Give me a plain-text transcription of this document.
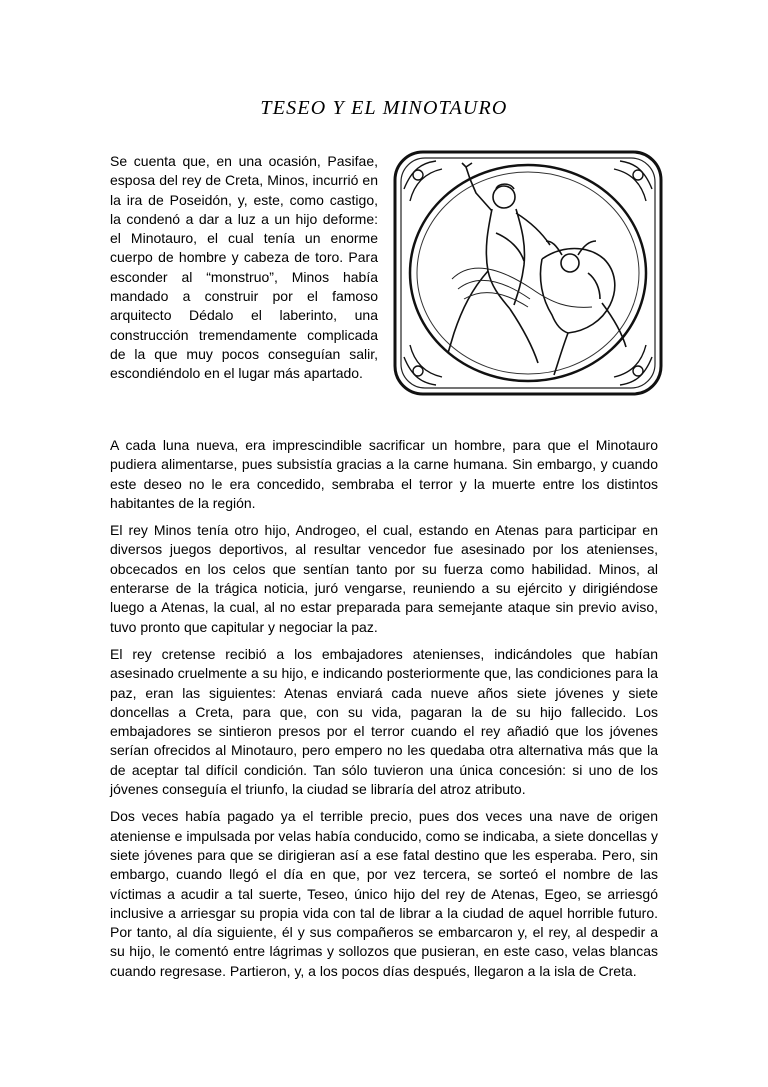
TESEO Y EL MINOTAURO

Se cuenta que, en una ocasión, Pasifae, esposa del rey de Creta, Minos, incurrió en la ira de Poseidón, y, este, como castigo, la condenó a dar a luz a un hijo deforme: el Minotauro, el cual tenía un enorme cuerpo de hombre y cabeza de toro. Para esconder al “monstruo”, Minos había mandado a construir por el famoso arquitecto Dédalo el laberinto, una construcción tremendamente complicada de la que muy pocos conseguían salir, escondiéndolo en el lugar más apartado.

A cada luna nueva, era imprescindible sacrificar un hombre, para que el Minotauro pudiera alimentarse, pues subsistía gracias a la carne humana. Sin embargo, y cuando este deseo no le era concedido, sembraba el terror y la muerte entre los distintos habitantes de la región.

El rey Minos tenía otro hijo, Androgeo, el cual, estando en Atenas para participar en diversos juegos deportivos, al resultar vencedor fue asesinado por los atenienses, obcecados en los celos que sentían tanto por su fuerza como habilidad. Minos, al enterarse de la trágica noticia, juró vengarse, reuniendo a su ejército y dirigiéndose luego a Atenas, la cual, al no estar preparada para semejante ataque sin previo aviso, tuvo pronto que capitular y negociar la paz.

El rey cretense recibió a los embajadores atenienses, indicándoles que habían asesinado cruelmente a su hijo, e indicando posteriormente que, las condiciones para la paz, eran las siguientes: Atenas enviará cada nueve años siete jóvenes y siete doncellas a Creta, para que, con su vida, pagaran la de su hijo fallecido. Los embajadores se sintieron presos por el terror cuando el rey añadió que los jóvenes serían ofrecidos al Minotauro, pero empero no les quedaba otra alternativa más que la de aceptar tal difícil condición. Tan sólo tuvieron una única concesión: si uno de los jóvenes conseguía el triunfo, la ciudad se libraría del atroz atributo.

Dos veces había pagado ya el terrible precio, pues dos veces una nave de origen ateniense e impulsada por velas había conducido, como se indicaba, a siete doncellas y siete jóvenes para que se dirigieran así a ese fatal destino que les esperaba. Pero, sin embargo, cuando llegó el día en que, por vez tercera, se sorteó el nombre de las víctimas a acudir a tal suerte, Teseo, único hijo del rey de Atenas, Egeo, se arriesgó inclusive a arriesgar su propia vida con tal de librar a la ciudad de aquel horrible futuro. Por tanto, al día siguiente, él y sus compañeros se embarcaron y, el rey, al despedir a su hijo, le comentó entre lágrimas y sollozos que pusieran, en este caso, velas blancas cuando regresase. Partieron, y, a los pocos días después, llegaron a la isla de Creta.
